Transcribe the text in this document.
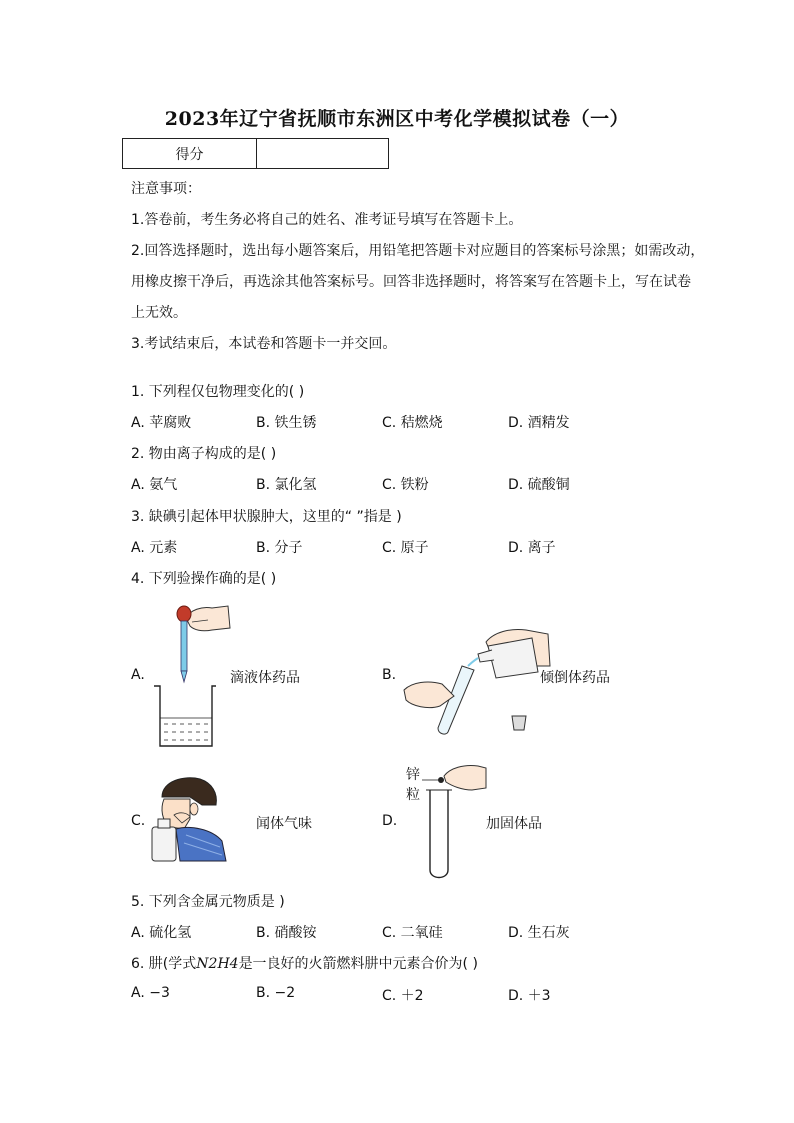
2023年辽宁省抚顺市东洲区中考化学模拟试卷（一）
得分	
注意事项：
1.答卷前，考生务必将自己的姓名、准考证号填写在答题卡上。
2.回答选择题时，选出每小题答案后，用铅笔把答题卡对应题目的答案标号涂黑；如需改动，
用橡皮擦干净后，再选涂其他答案标号。回答非选择题时，将答案写在答题卡上，写在试卷
上无效。
3.考试结束后，本试卷和答题卡一并交回。
1. 下列程仅包物理变化的( )
A. 苹腐败	B. 铁生锈	C. 秸燃烧	D. 酒精发
2. 物由离子构成的是( )
A. 氨气	B. 氯化氢	C. 铁粉	D. 硫酸铜
3. 缺碘引起体甲状腺肿大，这里的“ ”指是 )
A. 元素	B. 分子	C. 原子	D. 离子
4. 下列验操作确的是( )
A.	滴液体药品	B.	倾倒体药品
C.	闻体气味	D.
锌
粒
加固体品
5. 下列含金属元物质是 )
A. 硫化氢	B. 硝酸铵	C. 二氧硅	D. 生石灰
6. 肼(学式N2H4是一良好的火箭燃料肼中元素合价为( )
A. −3	B. −2	C. ＋2	D. ＋3
